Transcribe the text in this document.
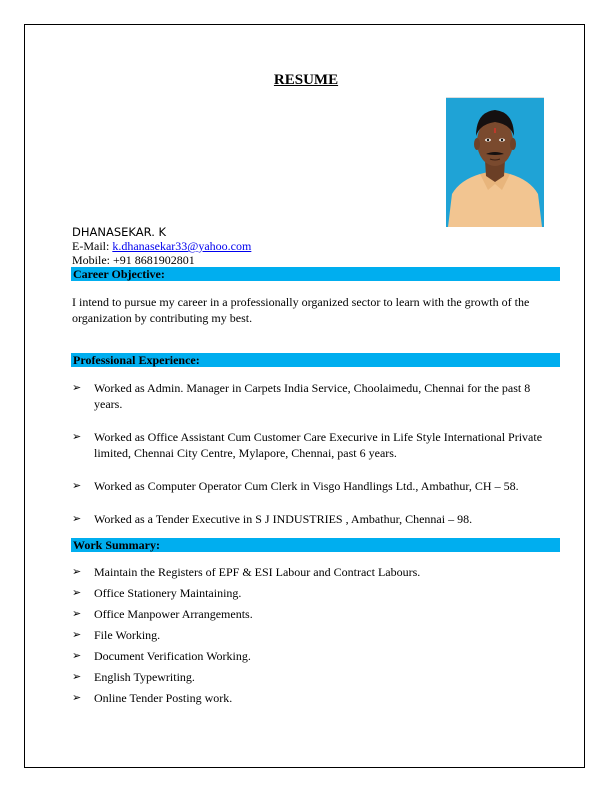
RESUME
DHANASEKAR. K
E-Mail: k.dhanasekar33@yahoo.com
Mobile: +91 8681902801
Career Objective:
I intend to pursue my career in a professionally organized sector to learn with the growth of the organization by contributing my best.
Professional Experience:
➢ Worked as Admin. Manager in Carpets India Service, Choolaimedu, Chennai for the past 8 years.
➢ Worked as Office Assistant Cum Customer Care Execurive in Life Style International Private limited, Chennai City Centre, Mylapore, Chennai, past 6 years.
➢ Worked as Computer Operator Cum Clerk in Visgo Handlings Ltd., Ambathur, CH – 58.
➢ Worked as a Tender Executive in S J INDUSTRIES , Ambathur, Chennai – 98.
Work Summary:
➢ Maintain the Registers of EPF & ESI Labour and Contract Labours.
➢ Office Stationery Maintaining.
➢ Office Manpower Arrangements.
➢ File Working.
➢ Document Verification Working.
➢ English Typewriting.
➢ Online Tender Posting work.
